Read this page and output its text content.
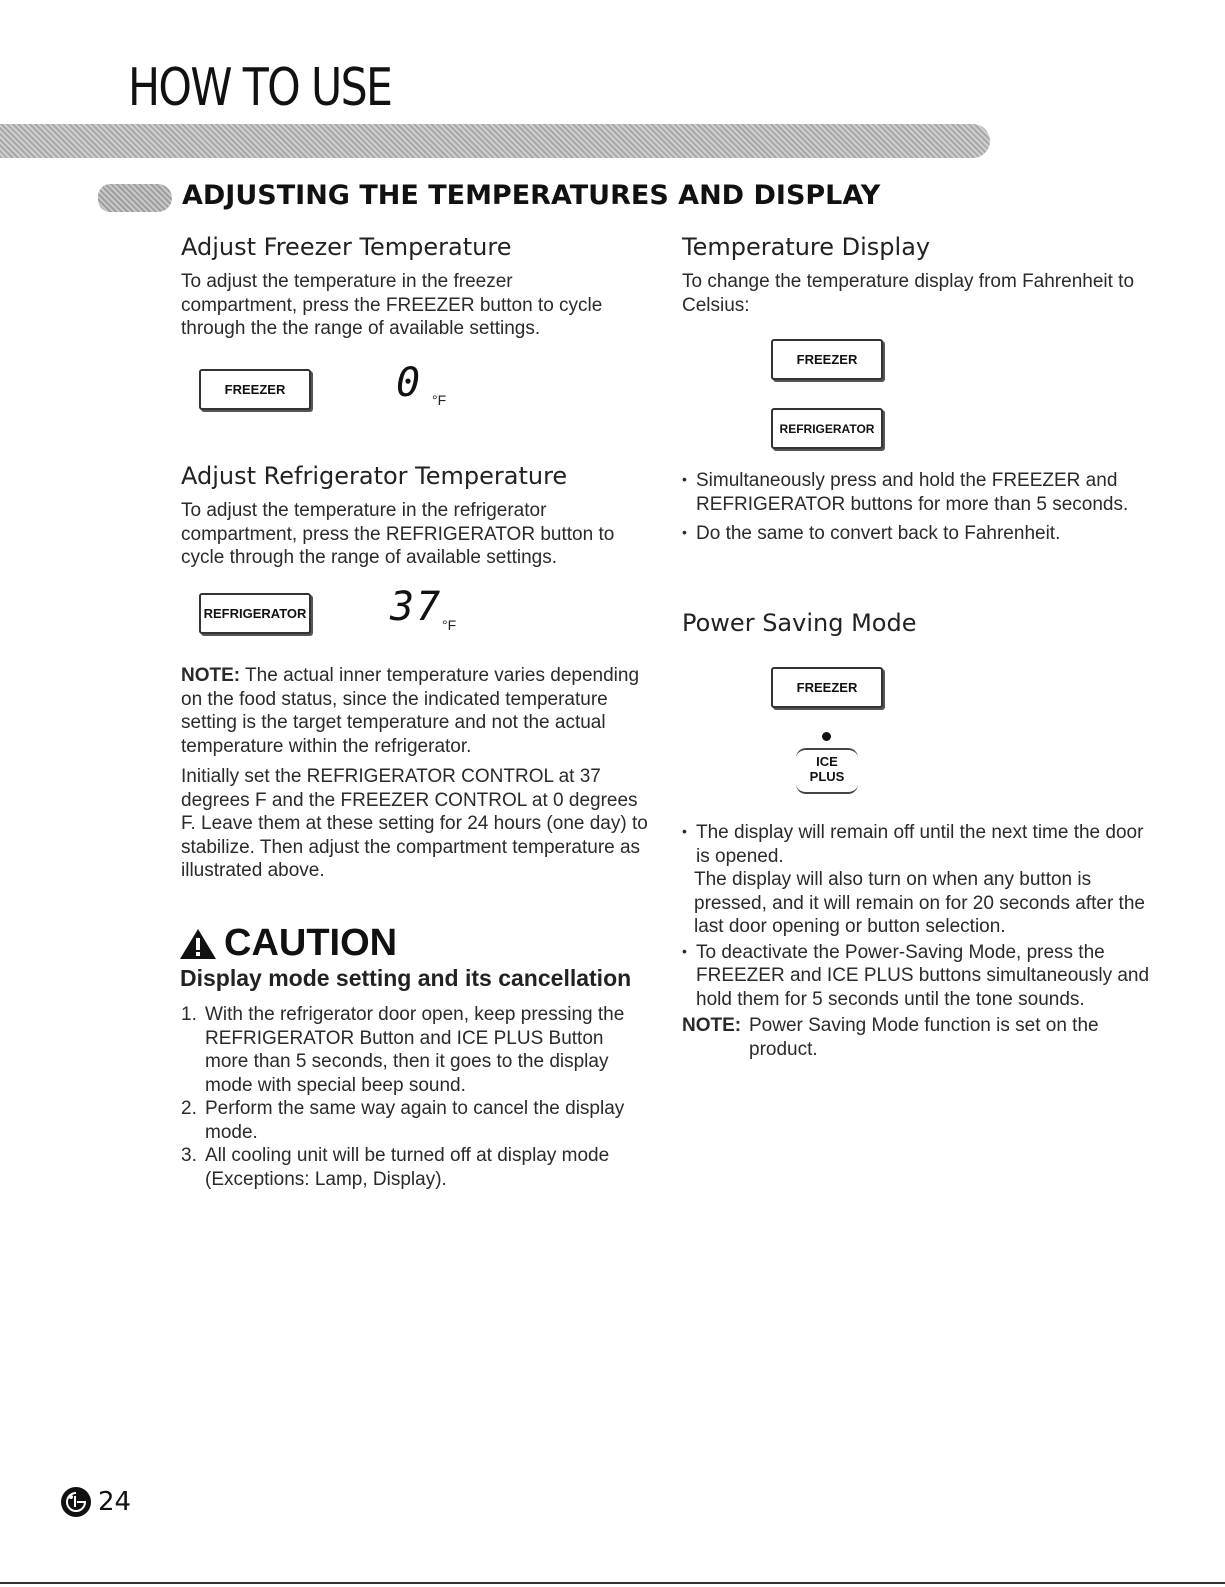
HOW TO USE
ADJUSTING THE TEMPERATURES AND DISPLAY
Adjust Freezer Temperature
To adjust the temperature in the freezer compartment, press the FREEZER button to cycle through the the range of available settings.
FREEZER	0 °F
Adjust Refrigerator Temperature
To adjust the temperature in the refrigerator compartment, press the REFRIGERATOR button to cycle through the range of available settings.
REFRIGERATOR 37 °F
NOTE: The actual inner temperature varies depending on the food status, since the indicated temperature setting is the target temperature and not the actual temperature within the refrigerator.
Initially set the REFRIGERATOR CONTROL at 37 degrees F and the FREEZER CONTROL at 0 degrees F. Leave them at these setting for 24 hours (one day) to stabilize. Then adjust the compartment temperature as illustrated above.
CAUTION
Display mode setting and its cancellation
1. With the refrigerator door open, keep pressing the REFRIGERATOR Button and ICE PLUS Button more than 5 seconds, then it goes to the display mode with special beep sound.
2. Perform the same way again to cancel the display mode.
3. All cooling unit will be turned off at display mode (Exceptions: Lamp, Display).
Temperature Display
To change the temperature display from Fahrenheit to Celsius:
FREEZER
REFRIGERATOR
• Simultaneously press and hold the FREEZER and REFRIGERATOR buttons for more than 5 seconds.
• Do the same to convert back to Fahrenheit.
Power Saving Mode
FREEZER
ICE
PLUS
• The display will remain off until the next time the door is opened.
The display will also turn on when any button is pressed, and it will remain on for 20 seconds after the last door opening or button selection.
• To deactivate the Power-Saving Mode, press the FREEZER and ICE PLUS buttons simultaneously and hold them for 5 seconds until the tone sounds.
NOTE: Power Saving Mode function is set on the product.
24
